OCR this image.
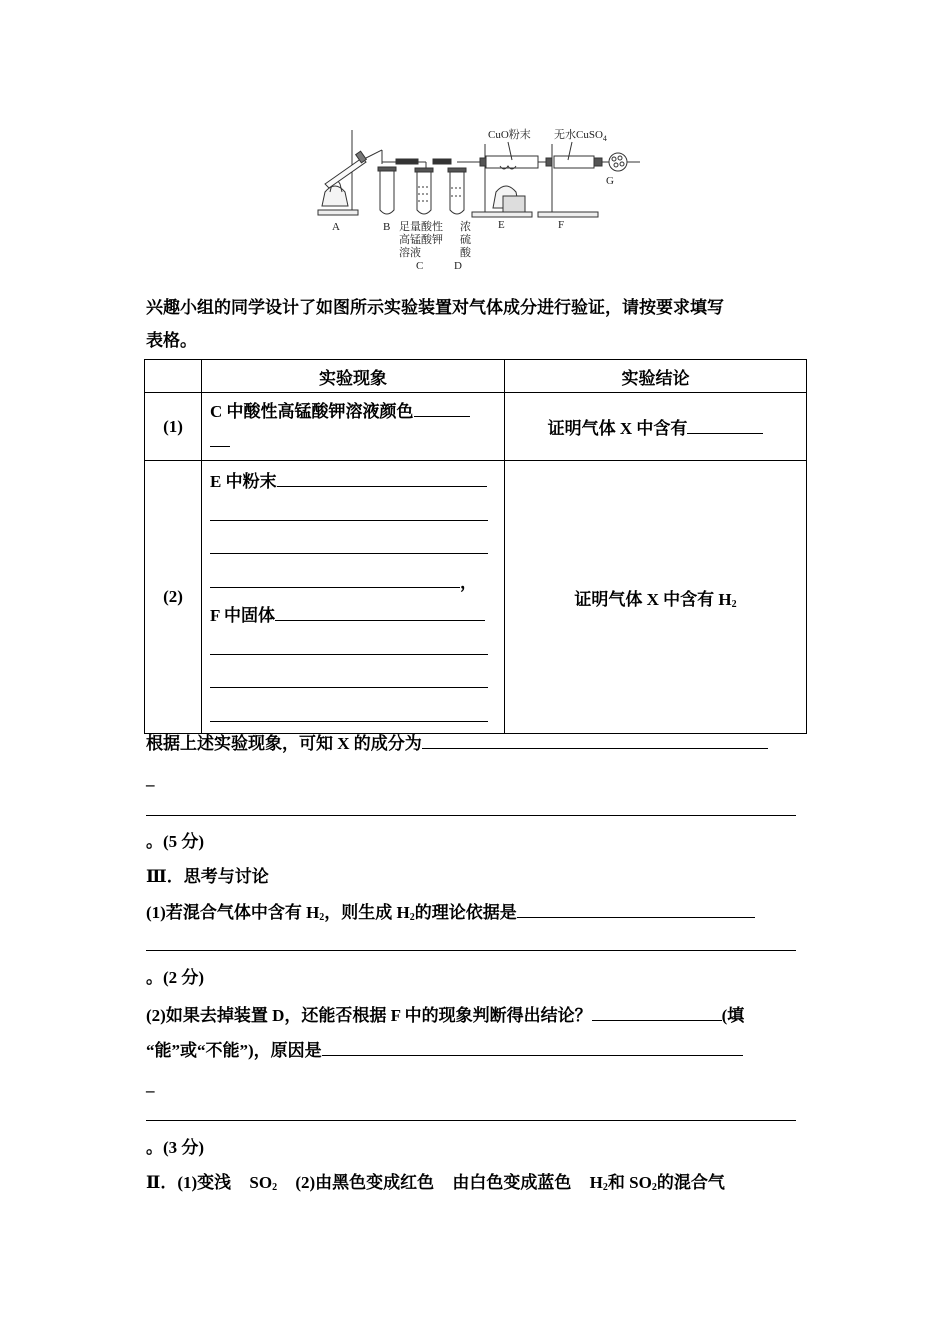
A	B	E	F
G
CuO粉末 无水CuSO$_4$
足量酸性
高锰酸钾
溶液
C
浓
硫
酸
D
兴趣小组的同学设计了如图所示实验装置对气体成分进行验证，请按要求填写
表格。
	实验现象	实验结论
(1)	C 中酸性高锰酸钾溶液颜色	证明气体 X 中含有
(2)	E 中粉末

，
F 中固体	证明气体 X 中含有 $H_2$
根据上述实验现象，可知 X 的成分为
_
。(5 分)
Ⅲ．思考与讨论
(1)若混合气体中含有 $H_2$，则生成 $H_2$的理论依据是
。(2 分)
(2)如果去掉装置 D，还能否根据 F 中的现象判断得出结论？	(填
“能”或“不能”)，原因是
_
。(3 分)
Ⅱ．(1)变浅 $SO_2$ (2)由黑色变成红色 由白色变成蓝色 $H_2$和 $SO_2$的混合气
